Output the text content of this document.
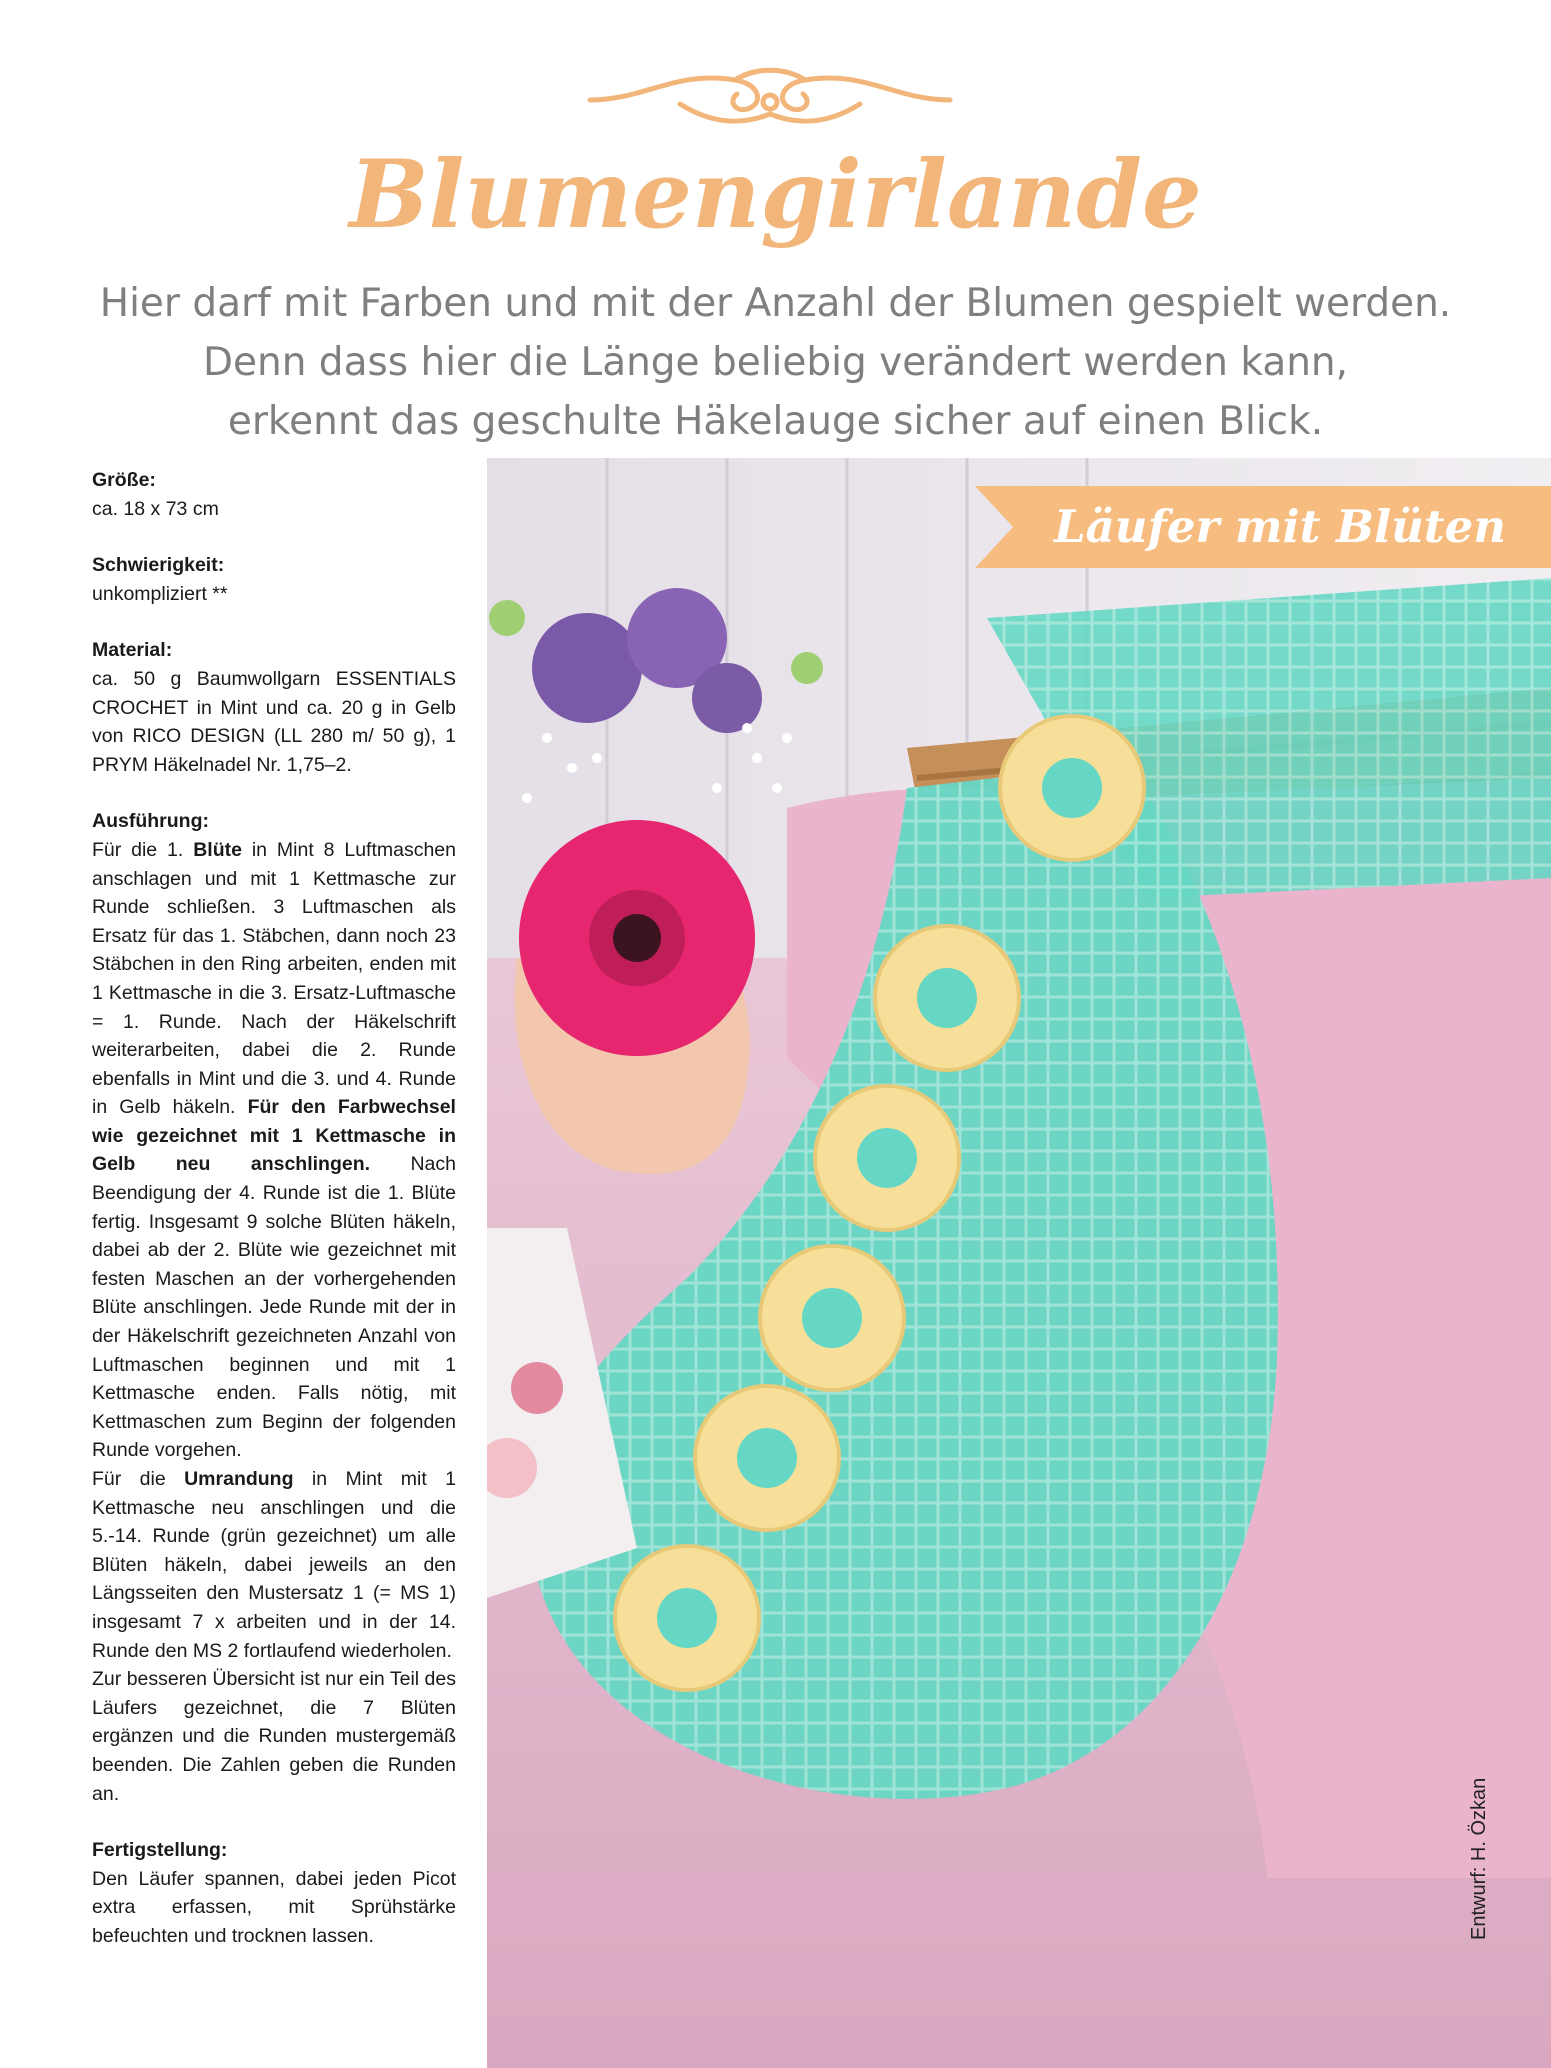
Blumengirlande

Hier darf mit Farben und mit der Anzahl der Blumen gespielt werden.
Denn dass hier die Länge beliebig verändert werden kann,
erkennt das geschulte Häkelauge sicher auf einen Blick.

Größe:
ca. 18 x 73 cm
Schwierigkeit:
unkompliziert **
Material:

ca. 50 g Baumwollgarn ESSENTIALS CROCHET in Mint und ca. 20 g in Gelb von RICO DESIGN (LL 280 m/ 50 g), 1 PRYM Häkelnadel Nr. 1,75–2.

Ausführung:

Für die 1. Blüte in Mint 8 Luftmaschen anschlagen und mit 1 Kettmasche zur Runde schließen. 3 Luftmaschen als Ersatz für das 1. Stäbchen, dann noch 23 Stäbchen in den Ring arbeiten, enden mit 1 Kettmasche in die 3. Ersatz-Luftmasche = 1. Runde. Nach der Häkelschrift weiterarbeiten, dabei die 2. Runde ebenfalls in Mint und die 3. und 4. Runde in Gelb häkeln. Für den Farbwechsel wie gezeichnet mit 1 Kettmasche in Gelb neu anschlingen. Nach Beendigung der 4. Runde ist die 1. Blüte fertig. Insgesamt 9 solche Blüten häkeln, dabei ab der 2. Blüte wie gezeichnet mit festen Maschen an der vorhergehenden Blüte anschlingen. Jede Runde mit der in der Häkelschrift gezeichneten Anzahl von Luftmaschen beginnen und mit 1 Kettmasche enden. Falls nötig, mit Kettmaschen zum Beginn der folgenden Runde vorgehen.

Für die Umrandung in Mint mit 1 Kettmasche neu anschlingen und die 5.-14. Runde (grün gezeichnet) um alle Blüten häkeln, dabei jeweils an den Längsseiten den Mustersatz 1 (= MS 1) insgesamt 7 x arbeiten und in der 14. Runde den MS 2 fortlaufend wiederholen.

Zur besseren Übersicht ist nur ein Teil des Läufers gezeichnet, die 7 Blüten ergänzen und die Runden mustergemäß beenden. Die Zahlen geben die Runden an.

Fertigstellung:

Den Läufer spannen, dabei jeden Picot extra erfassen, mit Sprühstärke befeuchten und trocknen lassen.

Läufer mit Blüten
Entwurf: H. Özkan
